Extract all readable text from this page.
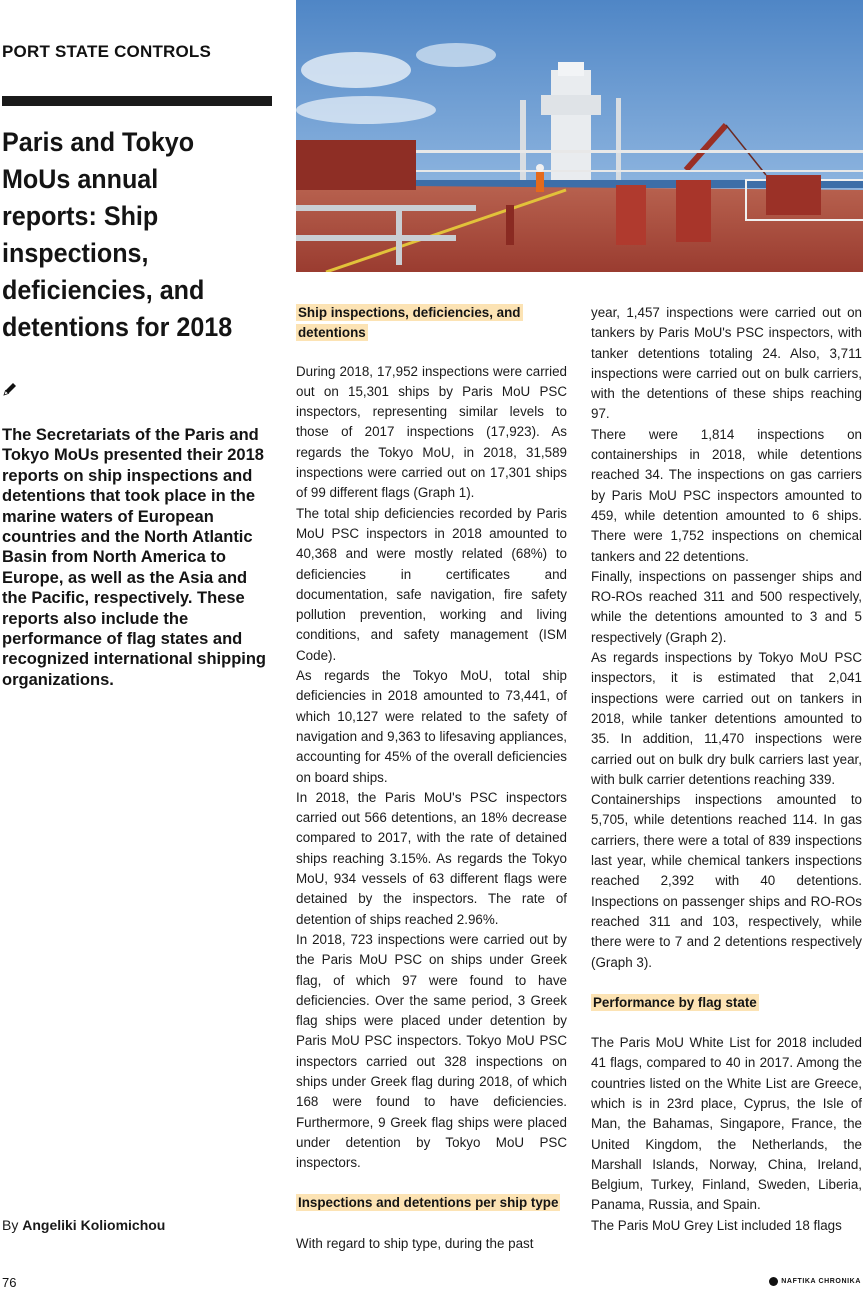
PORT STATE CONTROLS
Paris and Tokyo MoUs annual reports: Ship inspections, deficiencies, and detentions for 2018
The Secretariats of the Paris and Tokyo MoUs presented their 2018 reports on ship inspections and detentions that took place in the marine waters of European countries and the North Atlantic Basin from North America to Europe, as well as the Asia and the Pacific, respectively. These reports also include the performance of flag states and recognized international shipping organizations.
By Angeliki Koliomichou
Ship inspections, deficiencies, and detentions

During 2018, 17,952 inspections were carried out on 15,301 ships by Paris MoU PSC inspectors, representing similar levels to those of 2017 inspections (17,923). As regards the Tokyo MoU, in 2018, 31,589 inspections were carried out on 17,301 ships of 99 different flags (Graph 1).

The total ship deficiencies recorded by Paris MoU PSC inspectors in 2018 amounted to 40,368 and were mostly related (68%) to deficiencies in certificates and documentation, safe navigation, fire safety pollution prevention, working and living conditions, and safety management (ISM Code).

As regards the Tokyo MoU, total ship deficiencies in 2018 amounted to 73,441, of which 10,127 were related to the safety of navigation and 9,363 to lifesaving appliances, accounting for 45% of the overall deficiencies on board ships.

In 2018, the Paris MoU's PSC inspectors carried out 566 detentions, an 18% decrease compared to 2017, with the rate of detained ships reaching 3.15%. As regards the Tokyo MoU, 934 vessels of 63 different flags were detained by the inspectors. The rate of detention of ships reached 2.96%.

In 2018, 723 inspections were carried out by the Paris MoU PSC on ships under Greek flag, of which 97 were found to have deficiencies. Over the same period, 3 Greek flag ships were placed under detention by Paris MoU PSC inspectors. Tokyo MoU PSC inspectors carried out 328 inspections on ships under Greek flag during 2018, of which 168 were found to have deficiencies. Furthermore, 9 Greek flag ships were placed under detention by Tokyo MoU PSC inspectors.

Inspections and detentions per ship type

With regard to ship type, during the past

year, 1,457 inspections were carried out on tankers by Paris MoU's PSC inspectors, with tanker detentions totaling 24. Also, 3,711 inspections were carried out on bulk carriers, with the detentions of these ships reaching 97.

There were 1,814 inspections on containerships in 2018, while detentions reached 34. The inspections on gas carriers by Paris MoU PSC inspectors amounted to 459, while detention amounted to 6 ships. There were 1,752 inspections on chemical tankers and 22 detentions.

Finally, inspections on passenger ships and RO-ROs reached 311 and 500 respectively, while the detentions amounted to 3 and 5 respectively (Graph 2).

As regards inspections by Tokyo MoU PSC inspectors, it is estimated that 2,041 inspections were carried out on tankers in 2018, while tanker detentions amounted to 35. In addition, 11,470 inspections were carried out on bulk dry bulk carriers last year, with bulk carrier detentions reaching 339.

Containerships inspections amounted to 5,705, while detentions reached 114. In gas carriers, there were a total of 839 inspections last year, while chemical tankers inspections reached 2,392 with 40 detentions. Inspections on passenger ships and RO-ROs reached 311 and 103, respectively, while there were to 7 and 2 detentions respectively (Graph 3).

Performance by flag state

The Paris MoU White List for 2018 included 41 flags, compared to 40 in 2017. Among the countries listed on the White List are Greece, which is in 23rd place, Cyprus, the Isle of Man, the Bahamas, Singapore, France, the United Kingdom, the Netherlands, the Marshall Islands, Norway, China, Ireland, Belgium, Turkey, Finland, Sweden, Liberia, Panama, Russia, and Spain.

The Paris MoU Grey List included 18 flags

76	NAFTIKA CHRONIKA
